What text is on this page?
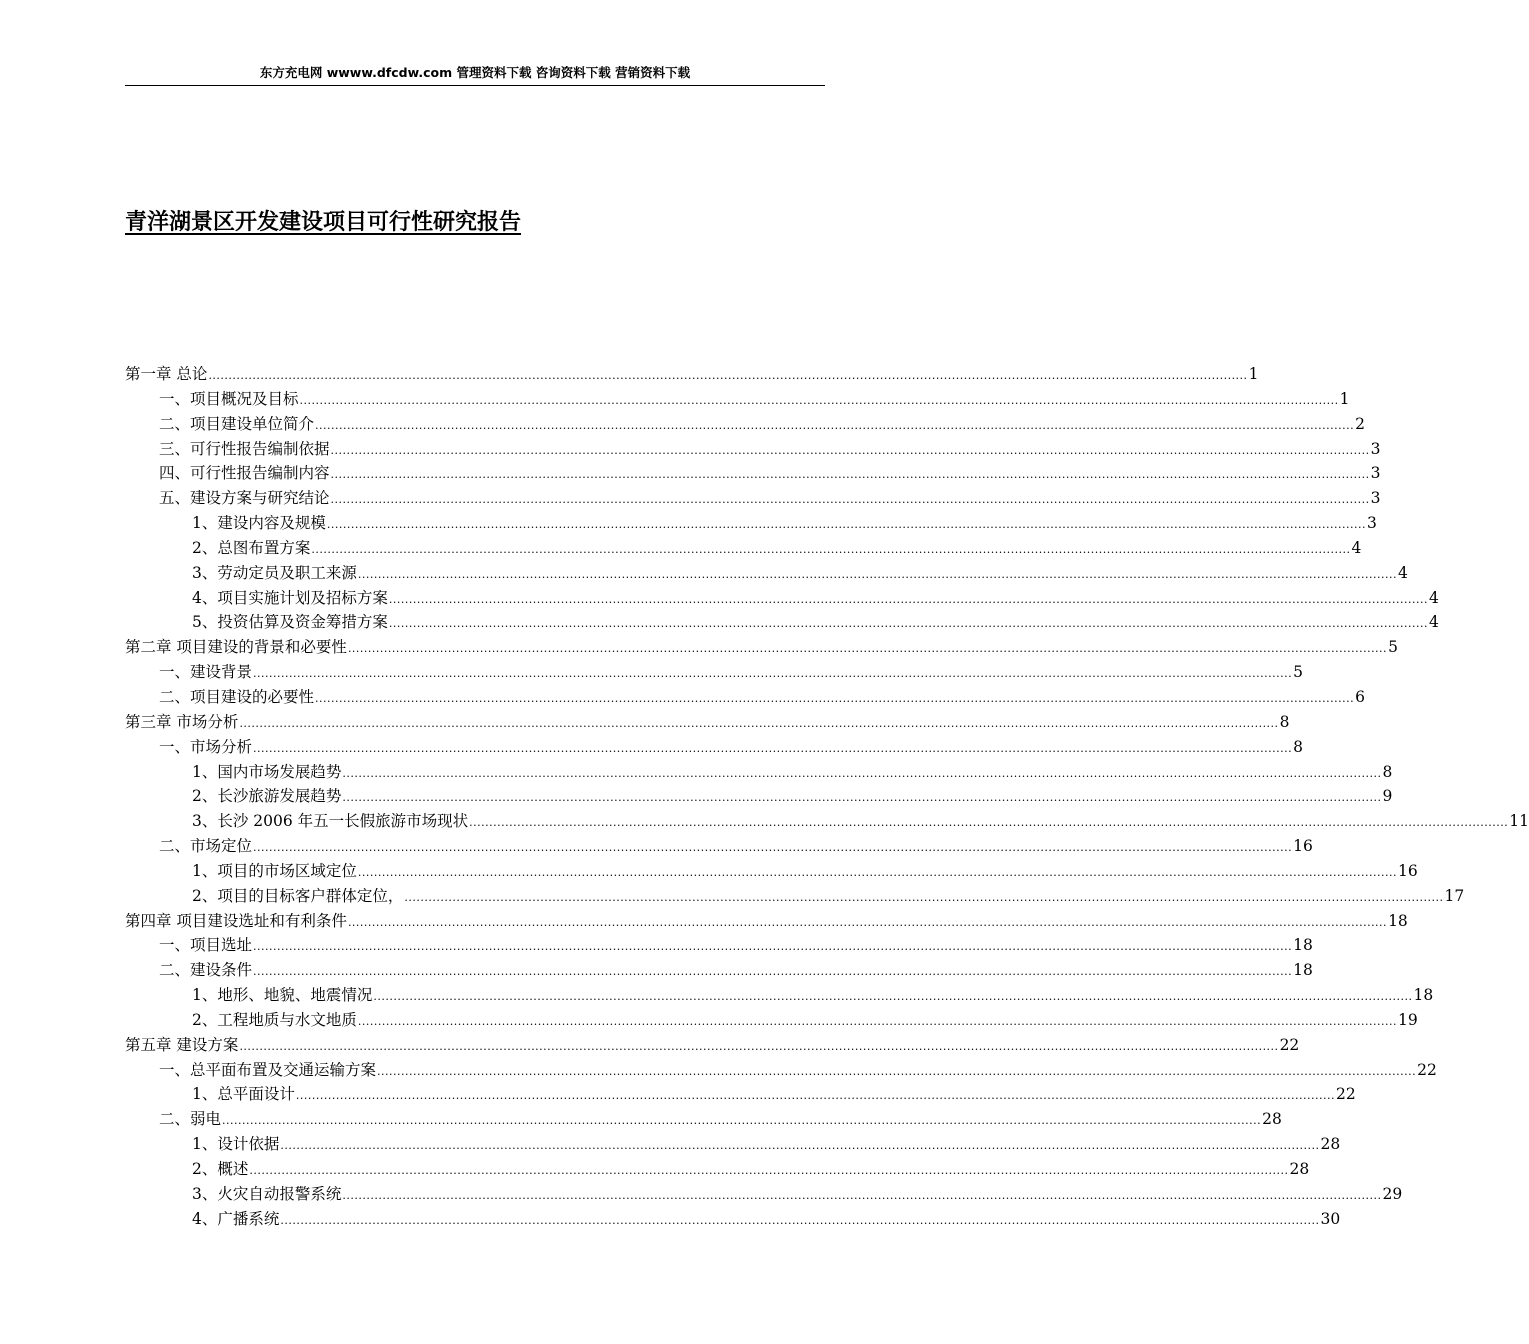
东方充电网 wwww.dfcdw.com 管理资料下载 咨询资料下载 营销资料下载
青洋湖景区开发建设项目可行性研究报告
第一章 总论 .................................................................................................................................................................................................................................................................... 1
一、项目概况及目标 .................................................................................................................................................................................................................................................................... 1
二、项目建设单位简介 .................................................................................................................................................................................................................................................................... 2
三、可行性报告编制依据 .................................................................................................................................................................................................................................................................... 3
四、可行性报告编制内容 .................................................................................................................................................................................................................................................................... 3
五、建设方案与研究结论 .................................................................................................................................................................................................................................................................... 3
1、建设内容及规模 .................................................................................................................................................................................................................................................................... 3
2、总图布置方案 .................................................................................................................................................................................................................................................................... 4
3、劳动定员及职工来源 .................................................................................................................................................................................................................................................................... 4
4、项目实施计划及招标方案 .................................................................................................................................................................................................................................................................... 4
5、投资估算及资金筹措方案 .................................................................................................................................................................................................................................................................... 4
第二章 项目建设的背景和必要性 .................................................................................................................................................................................................................................................................... 5
一、建设背景 .................................................................................................................................................................................................................................................................... 5
二、项目建设的必要性 .................................................................................................................................................................................................................................................................... 6
第三章 市场分析 .................................................................................................................................................................................................................................................................... 8
一、市场分析 .................................................................................................................................................................................................................................................................... 8
1、国内市场发展趋势 .................................................................................................................................................................................................................................................................... 8
2、长沙旅游发展趋势 .................................................................................................................................................................................................................................................................... 9
3、长沙 2006 年五一长假旅游市场现状 .................................................................................................................................................................................................................................................................... 11
二、市场定位 .................................................................................................................................................................................................................................................................... 16
1、项目的市场区域定位 .................................................................................................................................................................................................................................................................... 16
2、项目的目标客户群体定位， .................................................................................................................................................................................................................................................................... 17
第四章 项目建设选址和有利条件 .................................................................................................................................................................................................................................................................... 18
一、项目选址 .................................................................................................................................................................................................................................................................... 18
二、建设条件 .................................................................................................................................................................................................................................................................... 18
1、地形、地貌、地震情况 .................................................................................................................................................................................................................................................................... 18
2、工程地质与水文地质 .................................................................................................................................................................................................................................................................... 19
第五章 建设方案 .................................................................................................................................................................................................................................................................... 22
一、总平面布置及交通运输方案 .................................................................................................................................................................................................................................................................... 22
1、总平面设计 .................................................................................................................................................................................................................................................................... 22
二、弱电 .................................................................................................................................................................................................................................................................... 28
1、设计依据 .................................................................................................................................................................................................................................................................... 28
2、概述 .................................................................................................................................................................................................................................................................... 28
3、火灾自动报警系统 .................................................................................................................................................................................................................................................................... 29
4、广播系统 .................................................................................................................................................................................................................................................................... 30
